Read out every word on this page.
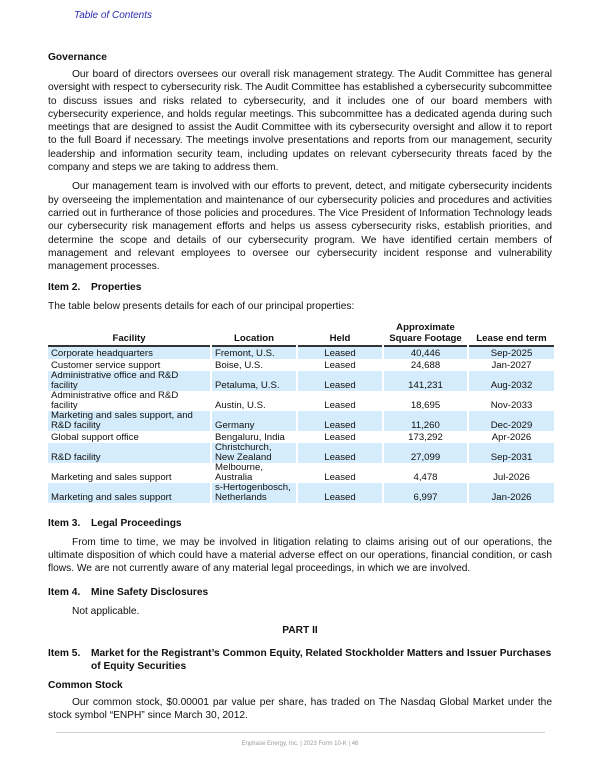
Table of Contents
Governance

Our board of directors oversees our overall risk management strategy. The Audit Committee has general oversight with respect to cybersecurity risk. The Audit Committee has established a cybersecurity subcommittee to discuss issues and risks related to cybersecurity, and it includes one of our board members with cybersecurity experience, and holds regular meetings. This subcommittee has a dedicated agenda during such meetings that are designed to assist the Audit Committee with its cybersecurity oversight and allow it to report to the full Board if necessary. The meetings involve presentations and reports from our management, security leadership and information security team, including updates on relevant cybersecurity threats faced by the company and steps we are taking to address them.

Our management team is involved with our efforts to prevent, detect, and mitigate cybersecurity incidents by overseeing the implementation and maintenance of our cybersecurity policies and procedures and activities carried out in furtherance of those policies and procedures. The Vice President of Information Technology leads our cybersecurity risk management efforts and helps us assess cybersecurity risks, establish priorities, and determine the scope and details of our cybersecurity program. We have identified certain members of management and relevant employees to oversee our cybersecurity incident response and vulnerability management processes.

Item 2.	Properties

The table below presents details for each of our principal properties:

Facility	Location	Held	Approximate Square Footage	Lease end term
Corporate headquarters	Fremont, U.S.	Leased	40,446	Sep-2025
Customer service support	Boise, U.S.	Leased	24,688	Jan-2027
Administrative office and R&D facility	Petaluma, U.S.	Leased	141,231	Aug-2032
Administrative office and R&D facility	Austin, U.S.	Leased	18,695	Nov-2033
Marketing and sales support, and R&D facility	Germany	Leased	11,260	Dec-2029
Global support office	Bengaluru, India	Leased	173,292	Apr-2026
R&D facility	Christchurch, New Zealand	Leased	27,099	Sep-2031
Marketing and sales support	Melbourne, Australia	Leased	4,478	Jul-2026
Marketing and sales support	s-Hertogenbosch, Netherlands	Leased	6,997	Jan-2026
Item 3.	Legal Proceedings

From time to time, we may be involved in litigation relating to claims arising out of our operations, the ultimate disposition of which could have a material adverse effect on our operations, financial condition, or cash flows. We are not currently aware of any material legal proceedings, in which we are involved.

Item 4.	Mine Safety Disclosures

Not applicable.

PART II
Item 5.	Market for the Registrant’s Common Equity, Related Stockholder Matters and Issuer Purchases of Equity Securities
Common Stock

Our common stock, $0.00001 par value per share, has traded on The Nasdaq Global Market under the stock symbol “ENPH” since March 30, 2012.

Enphase Energy, Inc. | 2023 Form 10-K | 46
